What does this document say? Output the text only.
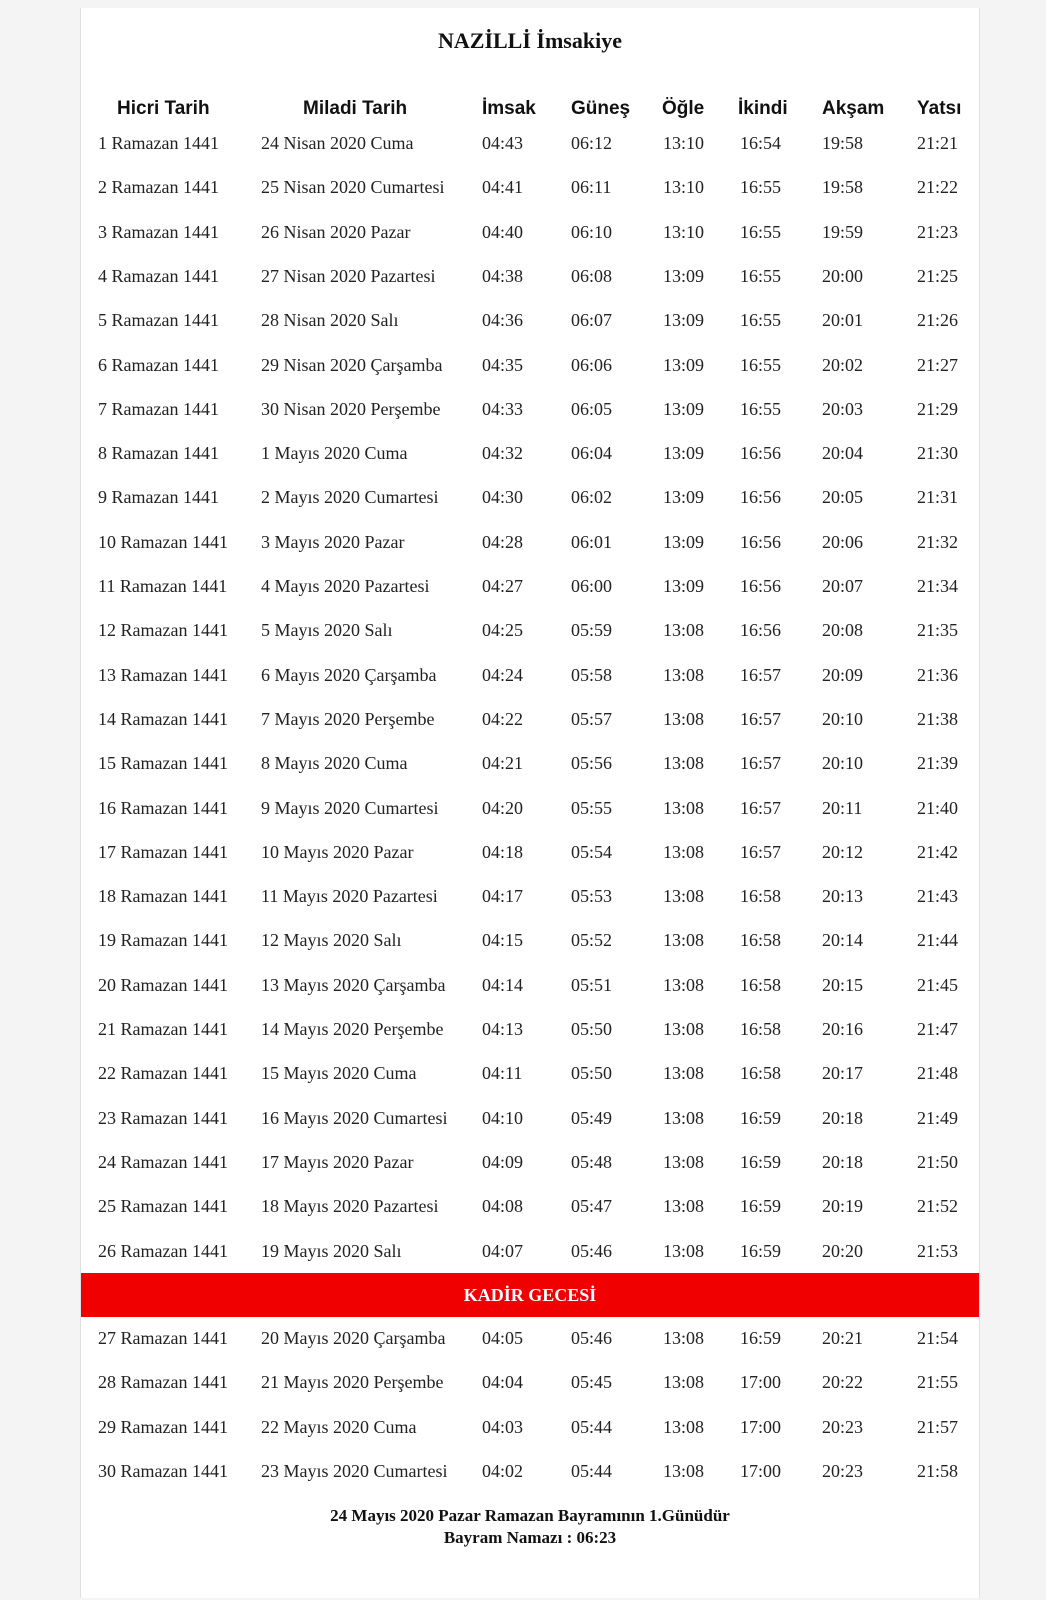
NAZİLLİ İmsakiye
Hicri Tarih	Miladi Tarih	İmsak Güneş Öğle İkindi Akşam Yatsı
1 Ramazan 1441 24 Nisan 2020 Cuma	04:43	06:12	13:10 16:54 19:58	21:21
2 Ramazan 1441 25 Nisan 2020 Cumartesi 04:41	06:11	13:10 16:55 19:58	21:22
3 Ramazan 1441 26 Nisan 2020 Pazar	04:40	06:10	13:10 16:55 19:59	21:23
4 Ramazan 1441 27 Nisan 2020 Pazartesi	04:38	06:08	13:09 16:55 20:00	21:25
5 Ramazan 1441 28 Nisan 2020 Salı	04:36	06:07	13:09 16:55 20:01	21:26
6 Ramazan 1441 29 Nisan 2020 Çarşamba 04:35	06:06	13:09 16:55 20:02	21:27
7 Ramazan 1441 30 Nisan 2020 Perşembe 04:33	06:05	13:09 16:55 20:03	21:29
8 Ramazan 1441 1 Mayıs 2020 Cuma	04:32	06:04	13:09 16:56 20:04	21:30
9 Ramazan 1441 2 Mayıs 2020 Cumartesi 04:30	06:02	13:09 16:56 20:05	21:31
10 Ramazan 1441 3 Mayıs 2020 Pazar	04:28	06:01	13:09 16:56 20:06	21:32
11 Ramazan 1441 4 Mayıs 2020 Pazartesi	04:27	06:00	13:09 16:56 20:07	21:34
12 Ramazan 1441 5 Mayıs 2020 Salı	04:25	05:59	13:08 16:56 20:08	21:35
13 Ramazan 1441 6 Mayıs 2020 Çarşamba	04:24	05:58	13:08 16:57 20:09	21:36
14 Ramazan 1441 7 Mayıs 2020 Perşembe	04:22	05:57	13:08 16:57 20:10	21:38
15 Ramazan 1441 8 Mayıs 2020 Cuma	04:21	05:56	13:08 16:57 20:10	21:39
16 Ramazan 1441 9 Mayıs 2020 Cumartesi 04:20	05:55	13:08 16:57 20:11	21:40
17 Ramazan 1441 10 Mayıs 2020 Pazar	04:18	05:54	13:08 16:57 20:12	21:42
18 Ramazan 1441 11 Mayıs 2020 Pazartesi 04:17	05:53	13:08 16:58 20:13	21:43
19 Ramazan 1441 12 Mayıs 2020 Salı	04:15	05:52	13:08 16:58 20:14	21:44
20 Ramazan 1441 13 Mayıs 2020 Çarşamba 04:14	05:51	13:08 16:58 20:15	21:45
21 Ramazan 1441 14 Mayıs 2020 Perşembe 04:13	05:50	13:08 16:58 20:16	21:47
22 Ramazan 1441 15 Mayıs 2020 Cuma	04:11	05:50	13:08 16:58 20:17	21:48
23 Ramazan 1441 16 Mayıs 2020 Cumartesi 04:10	05:49	13:08 16:59 20:18	21:49
24 Ramazan 1441 17 Mayıs 2020 Pazar	04:09	05:48	13:08 16:59 20:18	21:50
25 Ramazan 1441 18 Mayıs 2020 Pazartesi 04:08	05:47	13:08 16:59 20:19	21:52
26 Ramazan 1441 19 Mayıs 2020 Salı	04:07	05:46	13:08 16:59 20:20	21:53
KADİR GECESİ
27 Ramazan 1441 20 Mayıs 2020 Çarşamba 04:05	05:46	13:08 16:59 20:21	21:54
28 Ramazan 1441 21 Mayıs 2020 Perşembe 04:04	05:45	13:08 17:00 20:22	21:55
29 Ramazan 1441 22 Mayıs 2020 Cuma	04:03	05:44	13:08 17:00 20:23	21:57
30 Ramazan 1441 23 Mayıs 2020 Cumartesi 04:02	05:44	13:08 17:00 20:23	21:58
24 Mayıs 2020 Pazar Ramazan Bayramının 1.Günüdür
Bayram Namazı : 06:23
